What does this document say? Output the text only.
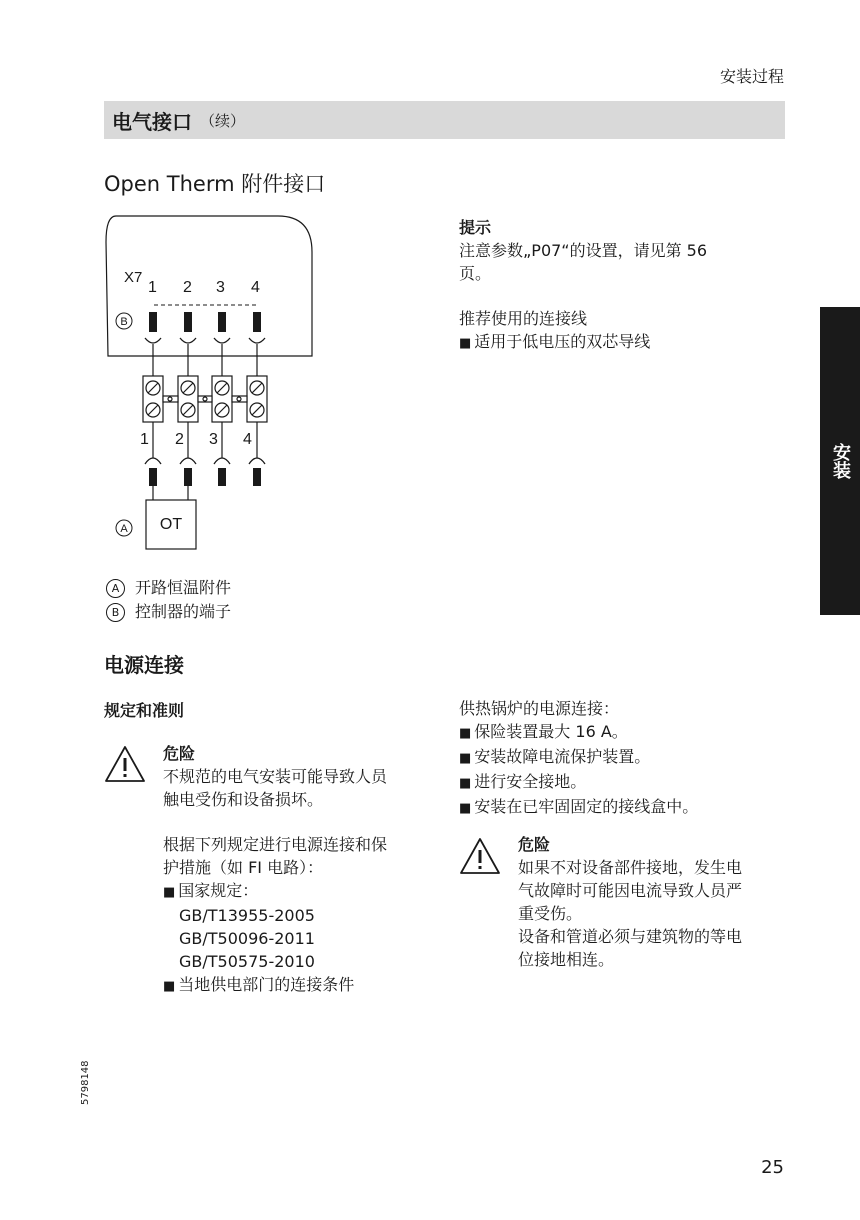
安装过程
电气接口 （续）
Open Therm 附件接口
X7
1 2 3 4
B
1 2 3 4
OT
A
A 开路恒温附件
B 控制器的端子
提示
注意参数„P07“的设置，请见第 56
页。
推荐使用的连接线
■ 适用于低电压的双芯导线
电源连接
规定和准则
危险
不规范的电气安装可能导致人员
触电受伤和设备损坏。
根据下列规定进行电源连接和保
护措施（如 FI 电路）：
■ 国家规定：
GB/T13955-2005
GB/T50096-2011
GB/T50575-2010
■ 当地供电部门的连接条件
供热锅炉的电源连接：
■ 保险装置最大 16 A。
■ 安装故障电流保护装置。
■ 进行安全接地。
■ 安装在已牢固固定的接线盒中。
危险
如果不对设备部件接地，发生电
气故障时可能因电流导致人员严
重受伤。
设备和管道必须与建筑物的等电
位接地相连。
安装
5798148
25
